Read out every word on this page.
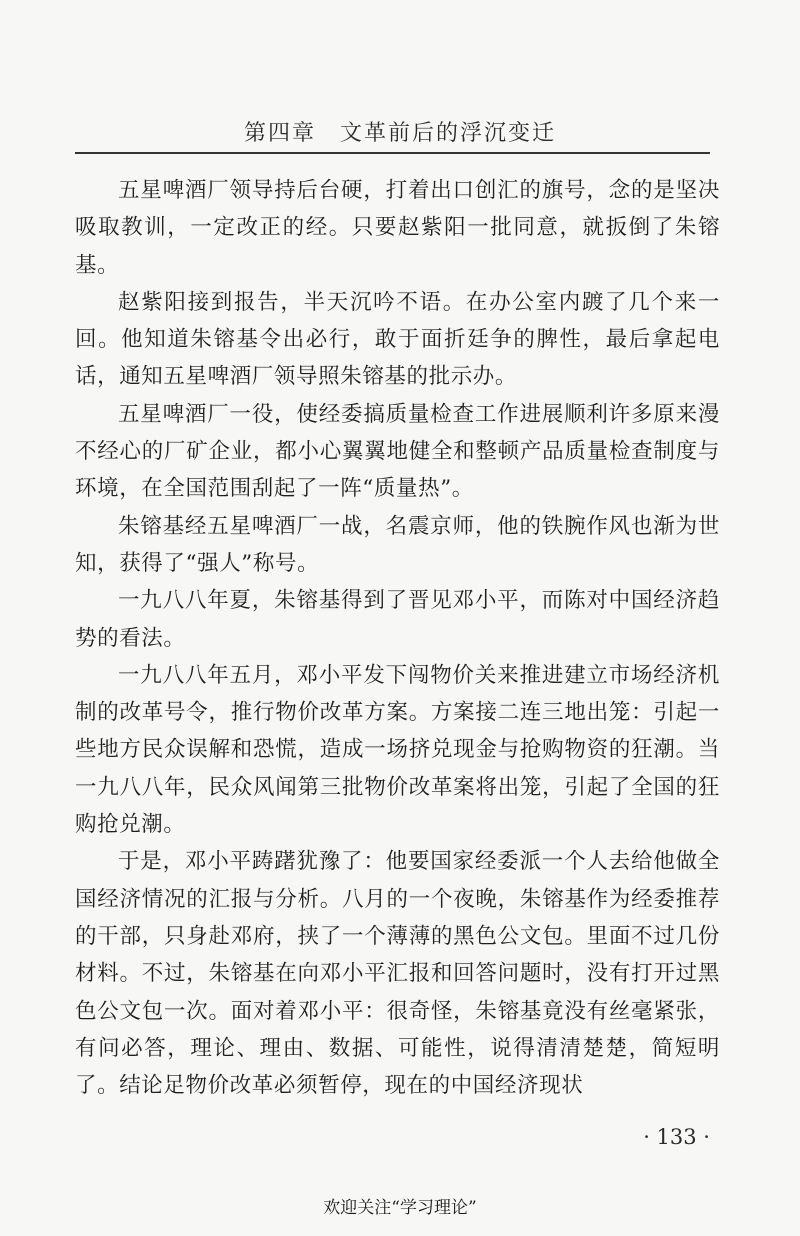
第四章　文革前后的浮沉变迁

五星啤酒厂领导持后台硬，打着出口创汇的旗号，念的是坚决吸取教训，一定改正的经。只要赵紫阳一批同意，就扳倒了朱镕基。

赵紫阳接到报告，半天沉吟不语。在办公室内踱了几个来一回。他知道朱镕基令出必行，敢于面折廷争的脾性，最后拿起电话，通知五星啤酒厂领导照朱镕基的批示办。

五星啤酒厂一役，使经委搞质量检查工作进展顺利许多原来漫不经心的厂矿企业，都小心翼翼地健全和整顿产品质量检查制度与环境，在全国范围刮起了一阵“质量热”。

朱镕基经五星啤酒厂一战，名震京师，他的铁腕作风也渐为世知，获得了“强人”称号。

一九八八年夏，朱镕基得到了晋见邓小平，而陈对中国经济趋势的看法。

一九八八年五月，邓小平发下闯物价关来推进建立市场经济机制的改革号令，推行物价改革方案。方案接二连三地出笼：引起一些地方民众误解和恐慌，造成一场挤兑现金与抢购物资的狂潮。当一九八八年，民众风闻第三批物价改革案将出笼，引起了全国的狂购抢兑潮。

于是，邓小平踌躇犹豫了：他要国家经委派一个人去给他做全国经济情况的汇报与分析。八月的一个夜晚，朱镕基作为经委推荐的干部，只身赴邓府，挟了一个薄薄的黑色公文包。里面不过几份材料。不过，朱镕基在向邓小平汇报和回答问题时，没有打开过黑色公文包一次。面对着邓小平：很奇怪，朱镕基竟没有丝毫紧张，有问必答，理论、理由、数据、可能性，说得清清楚楚，简短明了。结论足物价改革必须暂停，现在的中国经济现状

· 133 ·
欢迎关注“学习理论”
